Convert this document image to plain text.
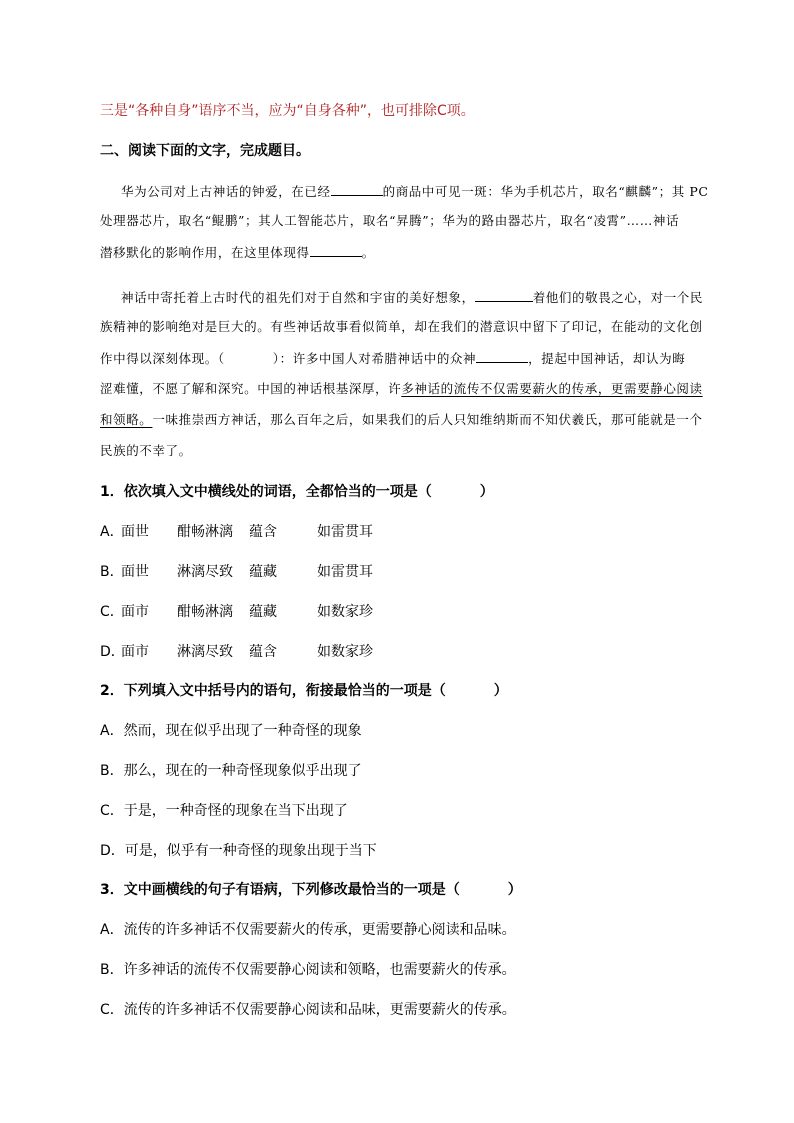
三是“各种自身”语序不当，应为“自身各种”，也可排除C项。
二、阅读下面的文字，完成题目。
华为公司对上古神话的钟爱，在已经	的商品中可见一斑：华为手机芯片，取名“麒麟”；其 PC
处理器芯片，取名“鲲鹏”；其人工智能芯片，取名“昇腾”；华为的路由器芯片，取名“凌霄”……神话
潜移默化的影响作用，在这里体现得	。
神话中寄托着上古时代的祖先们对于自然和宇宙的美好想象，	着他们的敬畏之心，对一个民
族精神的影响绝对是巨大的。有些神话故事看似简单，却在我们的潜意识中留下了印记，在能动的文化创
作中得以深刻体现。（	）：许多中国人对希腊神话中的众神	，提起中国神话，却认为晦
涩难懂，不愿了解和深究。中国的神话根基深厚，许多神话的流传不仅需要薪火的传承，更需要静心阅读
和领略。一味推崇西方神话，那么百年之后，如果我们的后人只知维纳斯而不知伏羲氏，那可能就是一个
民族的不幸了。
1．依次填入文中横线处的词语，全都恰当的一项是（	）
A．面世 酣畅淋漓 蕴含	如雷贯耳
B．面世 淋漓尽致 蕴藏	如雷贯耳
C．面市 酣畅淋漓 蕴藏	如数家珍
D．面市 淋漓尽致 蕴含	如数家珍
2．下列填入文中括号内的语句，衔接最恰当的一项是（	）
A．然而，现在似乎出现了一种奇怪的现象
B．那么，现在的一种奇怪现象似乎出现了
C．于是，一种奇怪的现象在当下出现了
D．可是，似乎有一种奇怪的现象出现于当下
3．文中画横线的句子有语病，下列修改最恰当的一项是（	）
A．流传的许多神话不仅需要薪火的传承，更需要静心阅读和品味。
B．许多神话的流传不仅需要静心阅读和领略，也需要薪火的传承。
C．流传的许多神话不仅需要静心阅读和品味，更需要薪火的传承。
